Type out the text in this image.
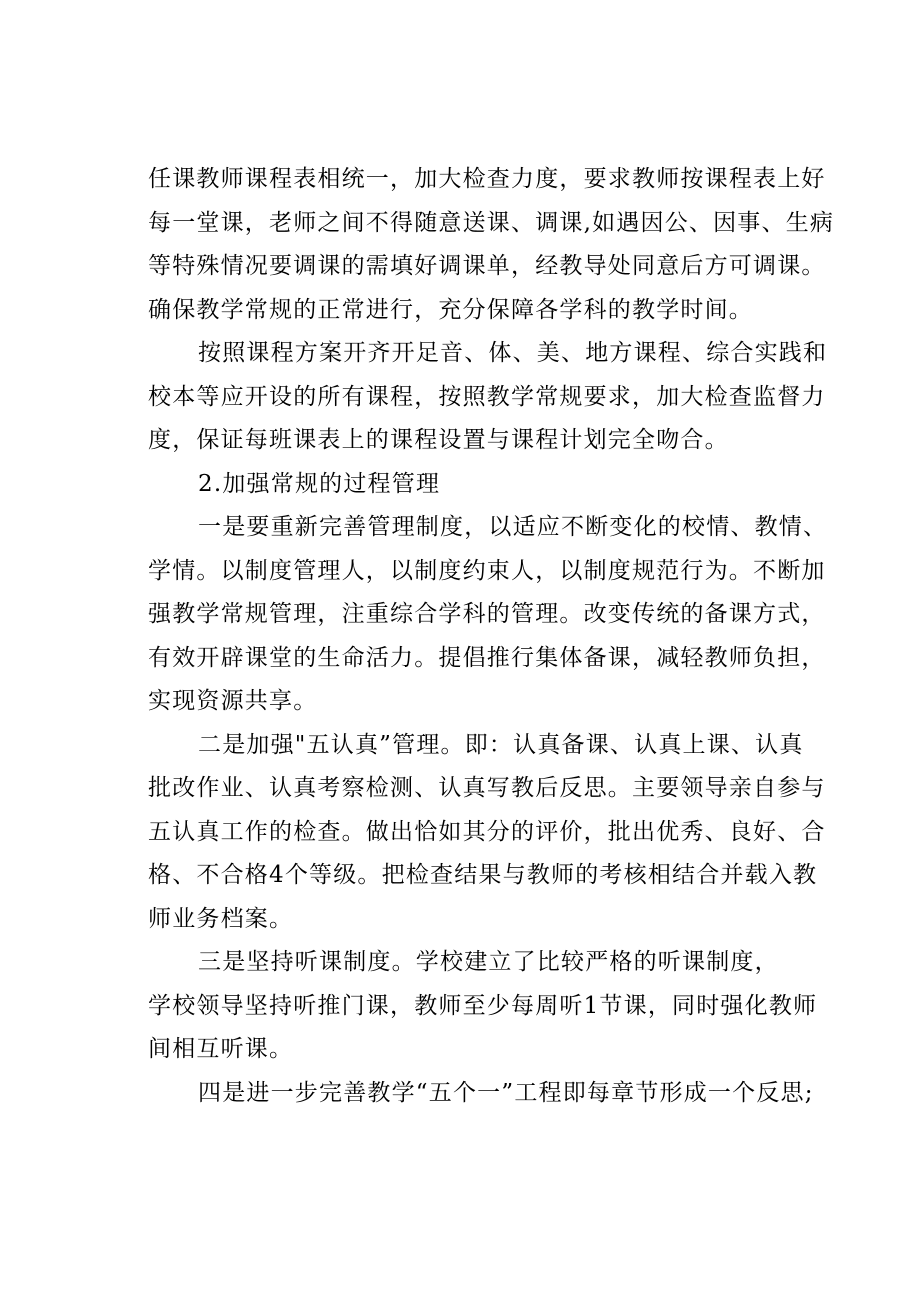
任课教师课程表相统一，加大检查力度，要求教师按课程表上好
每一堂课，老师之间不得随意送课、调课,如遇因公、因事、生病
等特殊情况要调课的需填好调课单，经教导处同意后方可调课。
确保教学常规的正常进行，充分保障各学科的教学时间。
按照课程方案开齐开足音、体、美、地方课程、综合实践和
校本等应开设的所有课程，按照教学常规要求，加大检查监督力
度，保证每班课表上的课程设置与课程计划完全吻合。
2.加强常规的过程管理
一是要重新完善管理制度，以适应不断变化的校情、教情、
学情。以制度管理人，以制度约束人，以制度规范行为。不断加
强教学常规管理，注重综合学科的管理。改变传统的备课方式，
有效开辟课堂的生命活力。提倡推行集体备课，减轻教师负担，
实现资源共享。
二是加强"五认真”管理。即：认真备课、认真上课、认真
批改作业、认真考察检测、认真写教后反思。主要领导亲自参与
五认真工作的检查。做出恰如其分的评价，批出优秀、良好、合
格、不合格4个等级。把检查结果与教师的考核相结合并载入教
师业务档案。
三是坚持听课制度。学校建立了比较严格的听课制度，
学校领导坚持听推门课，教师至少每周听1节课，同时强化教师
间相互听课。
四是进一步完善教学“五个一”工程即每章节形成一个反思;
